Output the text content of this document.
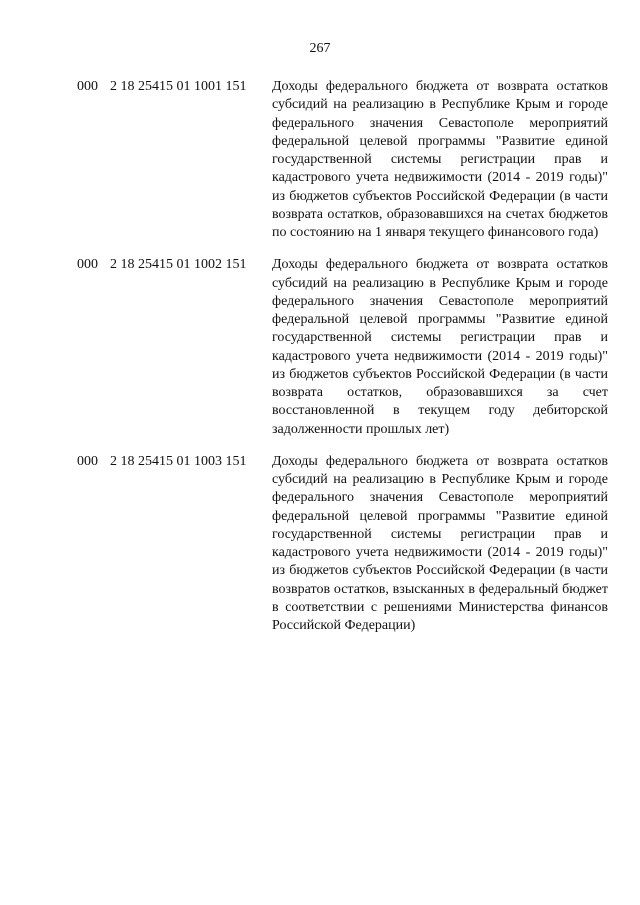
267
000 2 18 25415 01 1001 151 Доходы федерального бюджета от возврата остатков субсидий на реализацию в Республике Крым и городе федерального значения Севастополе мероприятий федеральной целевой программы "Развитие единой государственной системы регистрации прав и кадастрового учета недвижимости (2014 - 2019 годы)" из бюджетов субъектов Российской Федерации (в части возврата остатков, образовавшихся на счетах бюджетов по состоянию на 1 января текущего финансового года)
000 2 18 25415 01 1002 151 Доходы федерального бюджета от возврата остатков субсидий на реализацию в Республике Крым и городе федерального значения Севастополе мероприятий федеральной целевой программы "Развитие единой государственной системы регистрации прав и кадастрового учета недвижимости (2014 - 2019 годы)" из бюджетов субъектов Российской Федерации (в части возврата остатков, образовавшихся за счет восстановленной в текущем году дебиторской задолженности прошлых лет)
000 2 18 25415 01 1003 151 Доходы федерального бюджета от возврата остатков субсидий на реализацию в Республике Крым и городе федерального значения Севастополе мероприятий федеральной целевой программы "Развитие единой государственной системы регистрации прав и кадастрового учета недвижимости (2014 - 2019 годы)" из бюджетов субъектов Российской Федерации (в части возвратов остатков, взысканных в федеральный бюджет в соответствии с решениями Министерства финансов Российской Федерации)
